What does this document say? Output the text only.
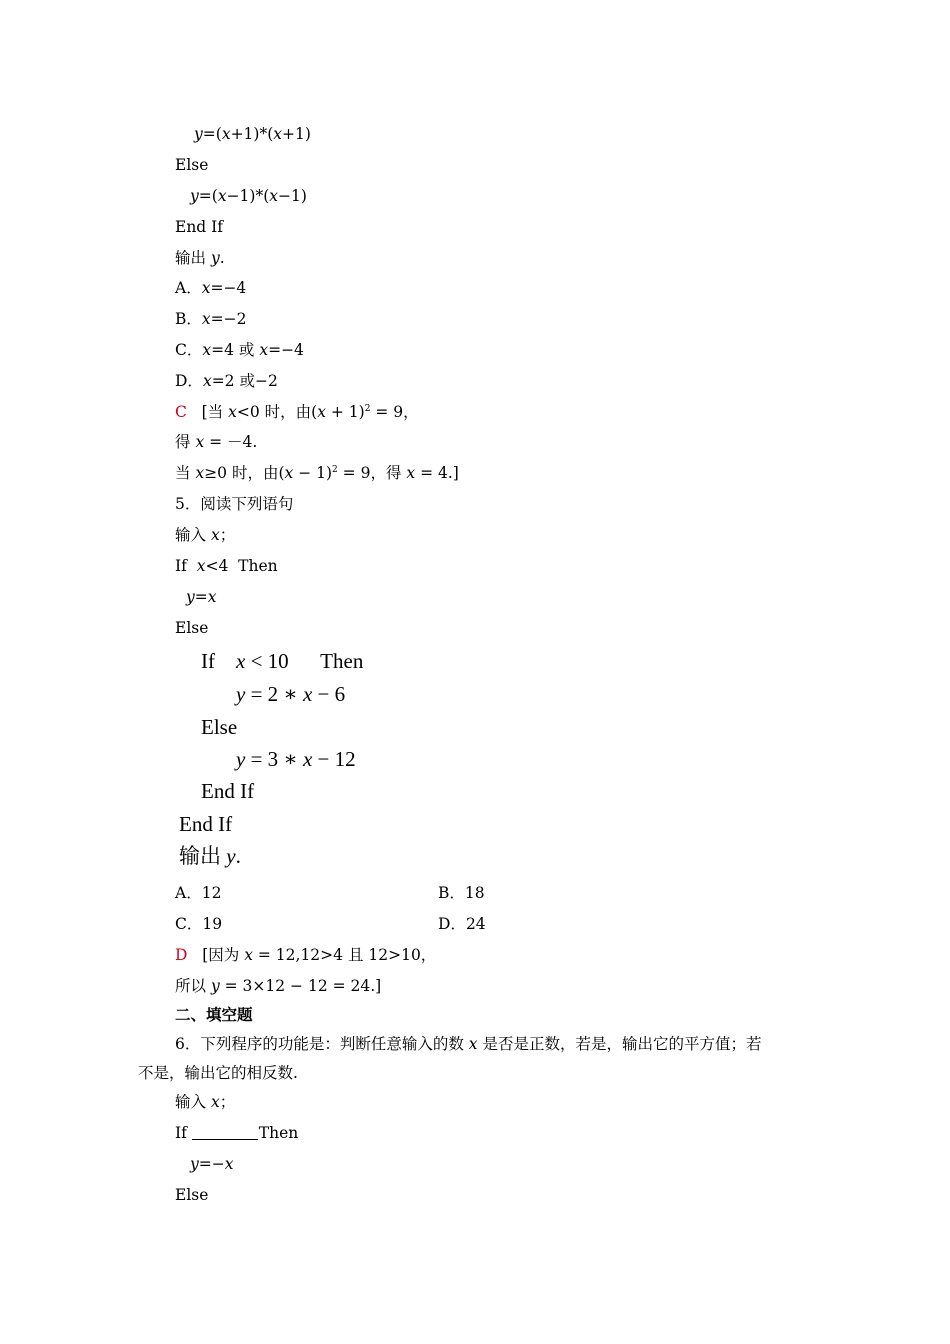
y=(x+1)*(x+1)
Else
y=(x−1)*(x−1)
End If
输出 y.
A．x=−4
B．x=−2
C．x=4 或 x=−4
D．x=2 或−2
C   [当 x<0 时，由$(x + 1)^2 = 9$，
得 x = －4.
当 x≥0 时，由$(x - 1)^2 = 9$，得 x = 4.]
5．阅读下列语句
输入 x；
If  x<4  Then
y=x
Else
If    x < 10      Then
y = 2 ∗ x − 6
Else
y = 3 ∗ x − 12
End If
End If
输出 y.
A．12	B．18
C．19	D．24
D   [因为 x = 12,12>4 且 12>10，
所以 y = 3×12 − 12 = 24.]
二、填空题
6．下列程序的功能是：判断任意输入的数 x 是否是正数，若是，输出它的平方值；若
不是，输出它的相反数.
输入 x；
If	Then
y=−x
Else
